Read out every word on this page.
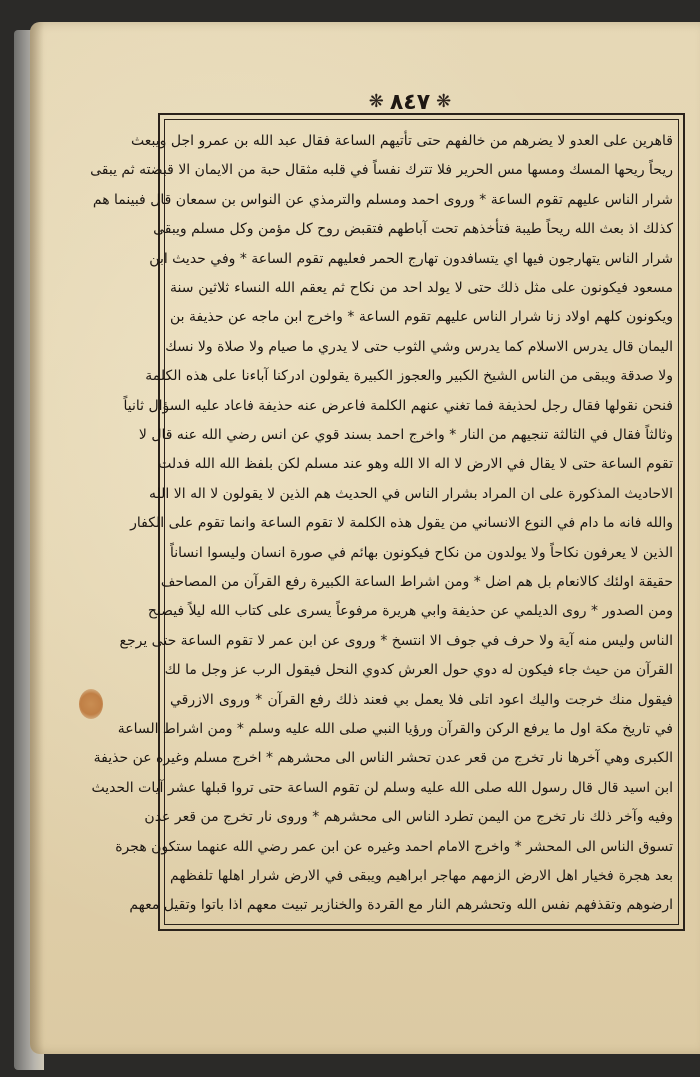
❋ ٨٤٧ ❋
قاهرين على العدو لا يضرهم من خالفهم حتى تأتيهم الساعة فقال عبد الله بن عمرو اجل ويبعث
ريحاً ريحها المسك ومسها مس الحرير فلا تترك نفساً في قلبه مثقال حبة من الايمان الا قبضته ثم يبقى
شرار الناس عليهم تقوم الساعة * وروى احمد ومسلم والترمذي عن النواس بن سمعان قال فبينما هم
كذلك اذ بعث الله ريحاً طيبة فتأخذهم تحت آباطهم فتقبض روح كل مؤمن وكل مسلم ويبقى
شرار الناس يتهارجون فيها اي يتسافدون تهارج الحمر فعليهم تقوم الساعة * وفي حديث ابن
مسعود فيكونون على مثل ذلك حتى لا يولد احد من نكاح ثم يعقم الله النساء ثلاثين سنة
ويكونون كلهم اولاد زنا شرار الناس عليهم تقوم الساعة * واخرج ابن ماجه عن حذيفة بن
اليمان قال يدرس الاسلام كما يدرس وشي الثوب حتى لا يدري ما صيام ولا صلاة ولا نسك
ولا صدقة ويبقى من الناس الشيخ الكبير والعجوز الكبيرة يقولون ادركنا آباءنا على هذه الكلمة
فنحن نقولها فقال رجل لحذيفة فما تغني عنهم الكلمة فاعرض عنه حذيفة فاعاد عليه السؤال ثانياً
وثالثاً فقال في الثالثة تنجيهم من النار * واخرج احمد بسند قوي عن انس رضي الله عنه قال لا
تقوم الساعة حتى لا يقال في الارض لا اله الا الله وهو عند مسلم لكن بلفظ الله الله فدلت
الاحاديث المذكورة على ان المراد بشرار الناس في الحديث هم الذين لا يقولون لا اله الا الله
والله فانه ما دام في النوع الانساني من يقول هذه الكلمة لا تقوم الساعة وانما تقوم على الكفار
الذين لا يعرفون نكاحاً ولا يولدون من نكاح فيكونون بهائم في صورة انسان وليسوا انساناً
حقيقة اولئك كالانعام بل هم اضل * ومن اشراط الساعة الكبيرة رفع القرآن من المصاحف
ومن الصدور * روى الديلمي عن حذيفة وابي هريرة مرفوعاً يسرى على كتاب الله ليلاً فيصبح
الناس وليس منه آية ولا حرف في جوف الا انتسخ * وروى عن ابن عمر لا تقوم الساعة حتى يرجع
القرآن من حيث جاء فيكون له دوي حول العرش كدوي النحل فيقول الرب عز وجل ما لك
فيقول منك خرجت واليك اعود اتلى فلا يعمل بي فعند ذلك رفع القرآن * وروى الازرقي
في تاريخ مكة اول ما يرفع الركن والقرآن ورؤيا النبي صلى الله عليه وسلم * ومن اشراط الساعة
الكبرى وهي آخرها نار تخرج من قعر عدن تحشر الناس الى محشرهم * اخرج مسلم وغيره عن حذيفة
ابن اسيد قال قال رسول الله صلى الله عليه وسلم لن تقوم الساعة حتى تروا قبلها عشر آيات الحديث
وفيه وآخر ذلك نار تخرج من اليمن تطرد الناس الى محشرهم * وروى نار تخرج من قعر عدن
تسوق الناس الى المحشر * واخرج الامام احمد وغيره عن ابن عمر رضي الله عنهما ستكون هجرة
بعد هجرة فخيار اهل الارض الزمهم مهاجر ابراهيم ويبقى في الارض شرار اهلها تلفظهم
ارضوهم وتقذفهم نفس الله وتحشرهم النار مع القردة والخنازير تبيت معهم اذا باتوا وتقيل معهم
